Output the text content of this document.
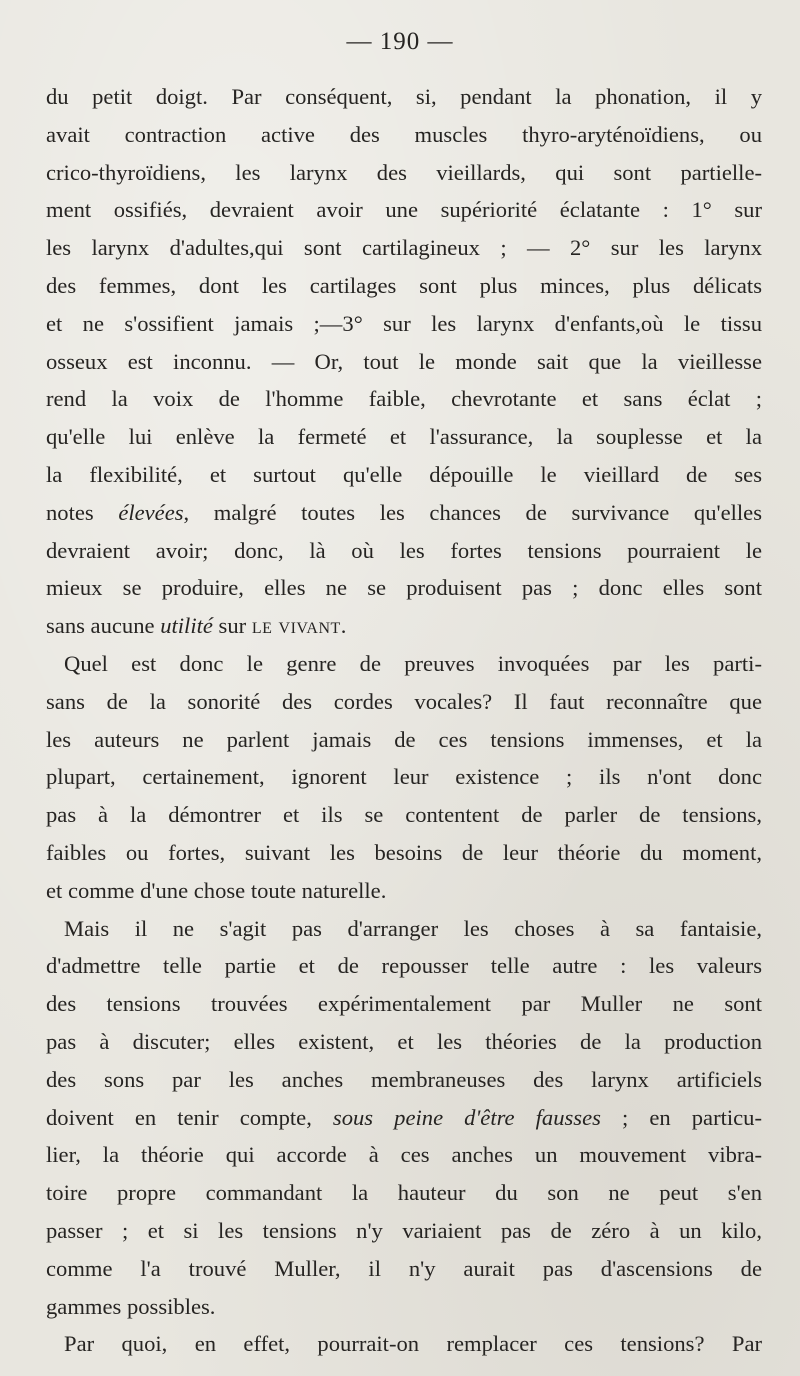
— 190 —
du petit doigt. Par conséquent, si, pendant la phonation, il y
avait contraction active des muscles thyro-aryténoïdiens, ou
crico-thyroïdiens, les larynx des vieillards, qui sont partielle-
ment ossifiés, devraient avoir une supériorité éclatante : 1° sur
les larynx d'adultes,qui sont cartilagineux ; — 2° sur les larynx
des femmes, dont les cartilages sont plus minces, plus délicats
et ne s'ossifient jamais ;—3° sur les larynx d'enfants,où le tissu
osseux est inconnu. — Or, tout le monde sait que la vieillesse
rend la voix de l'homme faible, chevrotante et sans éclat ;
qu'elle lui enlève la fermeté et l'assurance, la souplesse et la
la flexibilité, et surtout qu'elle dépouille le vieillard de ses
notes élevées, malgré toutes les chances de survivance qu'elles
devraient avoir; donc, là où les fortes tensions pourraient le
mieux se produire, elles ne se produisent pas ; donc elles sont
sans aucune utilité sur le vivant.
Quel est donc le genre de preuves invoquées par les parti-
sans de la sonorité des cordes vocales? Il faut reconnaître que
les auteurs ne parlent jamais de ces tensions immenses, et la
plupart, certainement, ignorent leur existence ; ils n'ont donc
pas à la démontrer et ils se contentent de parler de tensions,
faibles ou fortes, suivant les besoins de leur théorie du moment,
et comme d'une chose toute naturelle.
Mais il ne s'agit pas d'arranger les choses à sa fantaisie,
d'admettre telle partie et de repousser telle autre : les valeurs
des tensions trouvées expérimentalement par Muller ne sont
pas à discuter; elles existent, et les théories de la production
des sons par les anches membraneuses des larynx artificiels
doivent en tenir compte, sous peine d'être fausses ; en particu-
lier, la théorie qui accorde à ces anches un mouvement vibra-
toire propre commandant la hauteur du son ne peut s'en
passer ; et si les tensions n'y variaient pas de zéro à un kilo,
comme l'a trouvé Muller, il n'y aurait pas d'ascensions de
gammes possibles.
Par quoi, en effet, pourrait-on remplacer ces tensions? Par
